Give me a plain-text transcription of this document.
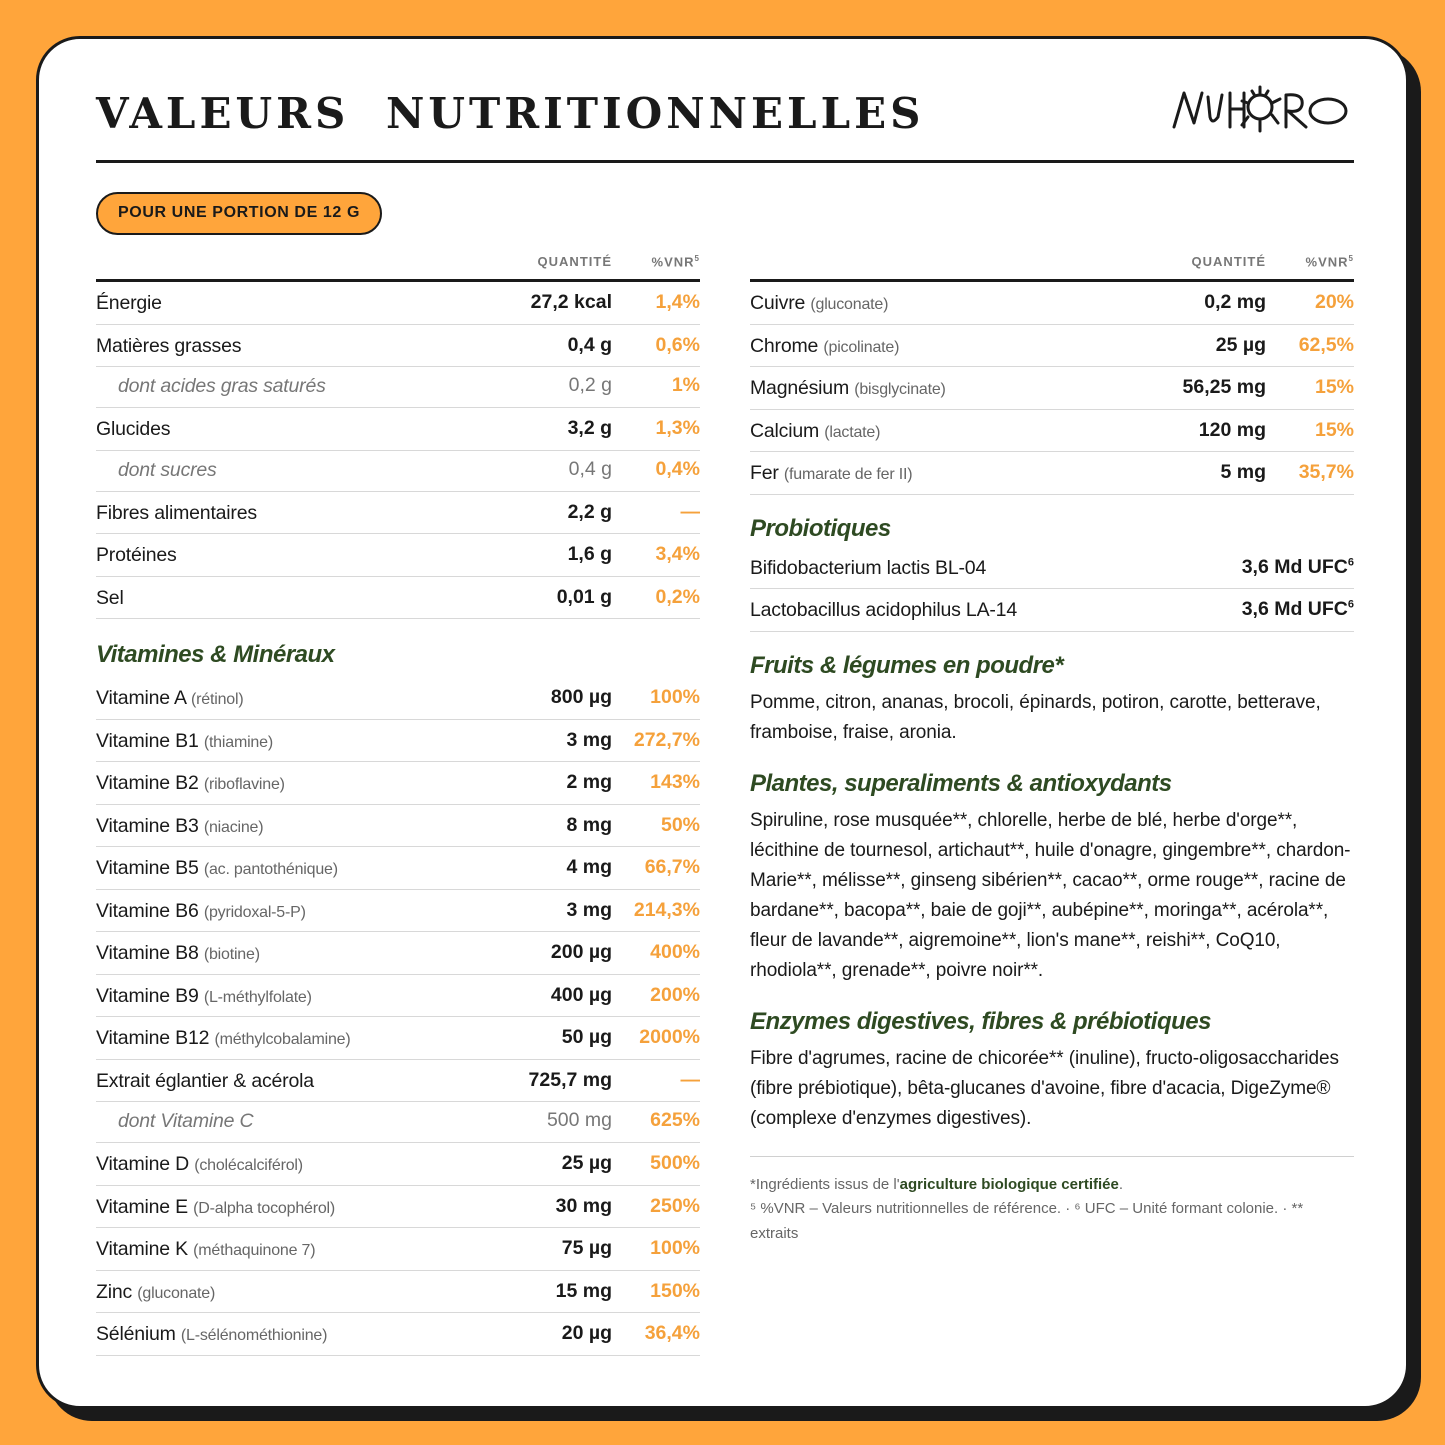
VALEURS NUTRITIONNELLES
POUR UNE PORTION DE 12 G
QUANTITÉ	%VNR$^5$
Énergie	27,2 kcal 1,4%
Matières grasses	0,4 g 0,6%
dont acides gras saturés	0,2 g	1%
Glucides	3,2 g 1,3%
dont sucres	0,4 g 0,4%
Fibres alimentaires	2,2 g	—
Protéines	1,6 g 3,4%
Sel	0,01 g 0,2%
Vitamines & Minéraux
Vitamine A (rétinol)	800 µg 100%
Vitamine B1 (thiamine)	3 mg 272,7%
Vitamine B2 (riboflavine)	2 mg 143%
Vitamine B3 (niacine)	8 mg	50%
Vitamine B5 (ac. pantothénique)	4 mg 66,7%
Vitamine B6 (pyridoxal-5-P)	3 mg 214,3%
Vitamine B8 (biotine)	200 µg 400%
Vitamine B9 (L-méthylfolate)	400 µg 200%
Vitamine B12 (méthylcobalamine)	50 µg 2000%
Extrait églantier & acérola	725,7 mg	—
dont Vitamine C	500 mg 625%
Vitamine D (cholécalciférol)	25 µg 500%
Vitamine E (D-alpha tocophérol)	30 mg 250%
Vitamine K (méthaquinone 7)	75 µg 100%
Zinc (gluconate)	15 mg 150%
Sélénium (L-sélénométhionine)	20 µg 36,4%
QUANTITÉ	%VNR$^5$
Cuivre (gluconate)	0,2 mg	20%
Chrome (picolinate)	25 µg 62,5%
Magnésium (bisglycinate)	56,25 mg	15%
Calcium (lactate)	120 mg	15%
Fer (fumarate de fer II)	5 mg 35,7%
Probiotiques
Bifidobacterium lactis BL-04	3,6 Md UFC$^6$
Lactobacillus acidophilus LA-14	3,6 Md UFC$^6$
Fruits & légumes en poudre*

Pomme, citron, ananas, brocoli, épinards, potiron, carotte, betterave, framboise, fraise, aronia.

Plantes, superaliments & antioxydants

Spiruline, rose musquée**, chlorelle, herbe de blé, herbe d'orge**, lécithine de tournesol, artichaut**, huile d'onagre, gingembre**, chardon-Marie**, mélisse**, ginseng sibérien**, cacao**, orme rouge**, racine de bardane**, bacopa**, baie de goji**, aubépine**, moringa**, acérola**, fleur de lavande**, aigremoine**, lion's mane**, reishi**, CoQ10, rhodiola**, grenade**, poivre noir**.

Enzymes digestives, fibres & prébiotiques

Fibre d'agrumes, racine de chicorée** (inuline), fructo-oligosaccharides (fibre prébiotique), bêta-glucanes d'avoine, fibre d'acacia, DigeZyme® (complexe d'enzymes digestives).

*Ingrédients issus de l'agriculture biologique certifiée.
⁵ %VNR – Valeurs nutritionnelles de référence. · ⁶ UFC – Unité formant colonie. · ** extraits
